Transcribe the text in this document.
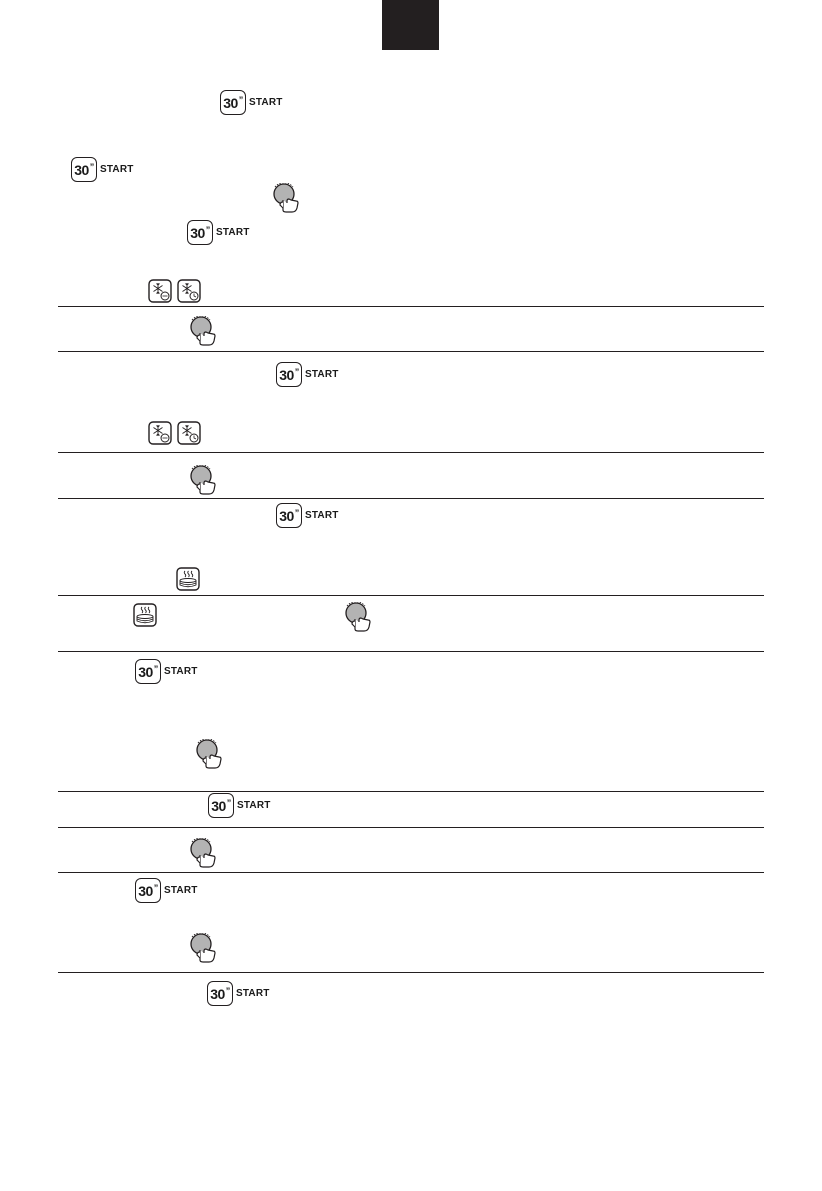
30” START
30” START
30” START
30” START
30” START
30” START
30” START
30” START
30” START
